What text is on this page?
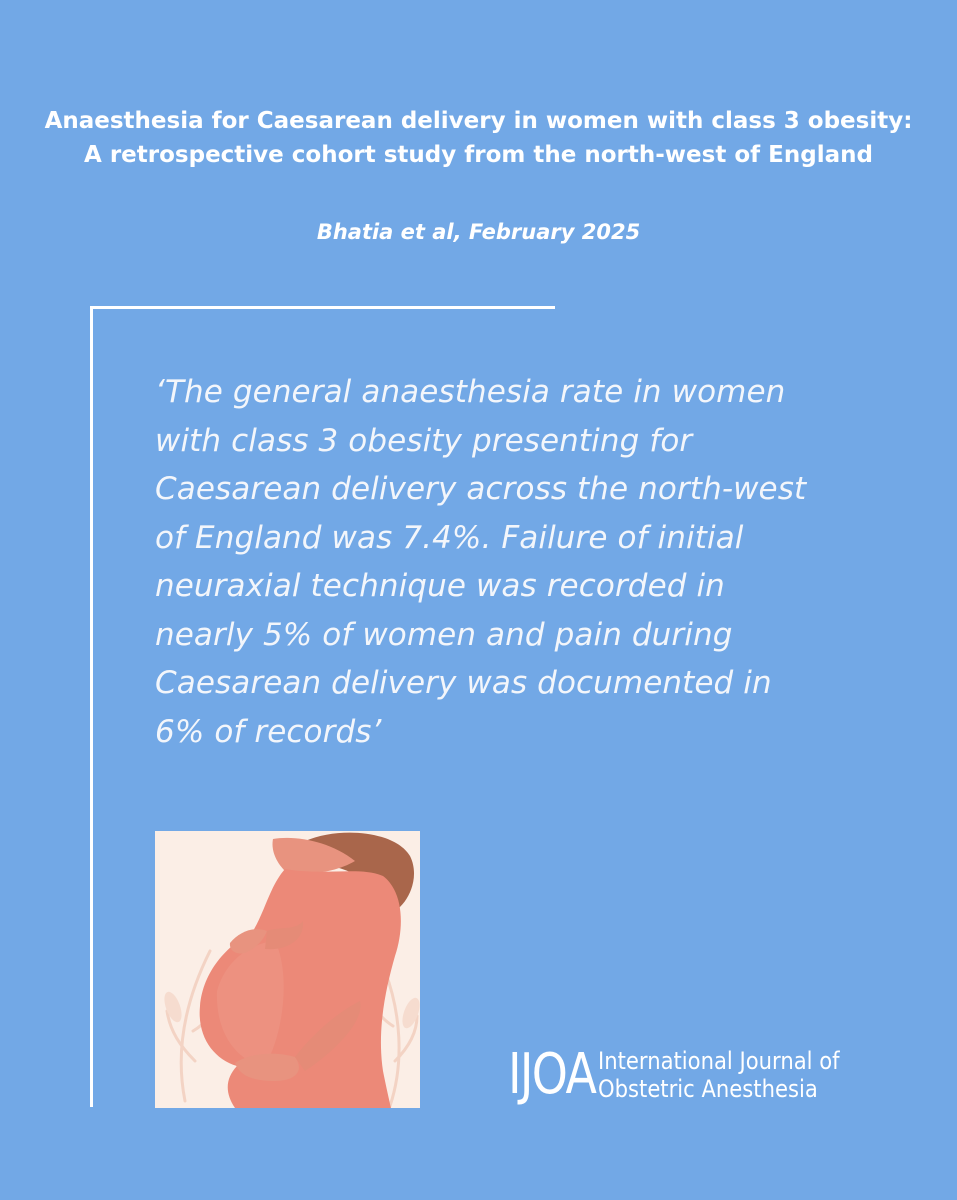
Anaesthesia for Caesarean delivery in women with class 3 obesity:
A retrospective cohort study from the north-west of England
Bhatia et al, February 2025
‘The general anaesthesia rate in women
with class 3 obesity presenting for
Caesarean delivery across the north-west
of England was 7.4%. Failure of initial
neuraxial technique was recorded in
nearly 5% of women and pain during
Caesarean delivery was documented in
6% of records’
IJOA International Journal of
Obstetric Anesthesia
